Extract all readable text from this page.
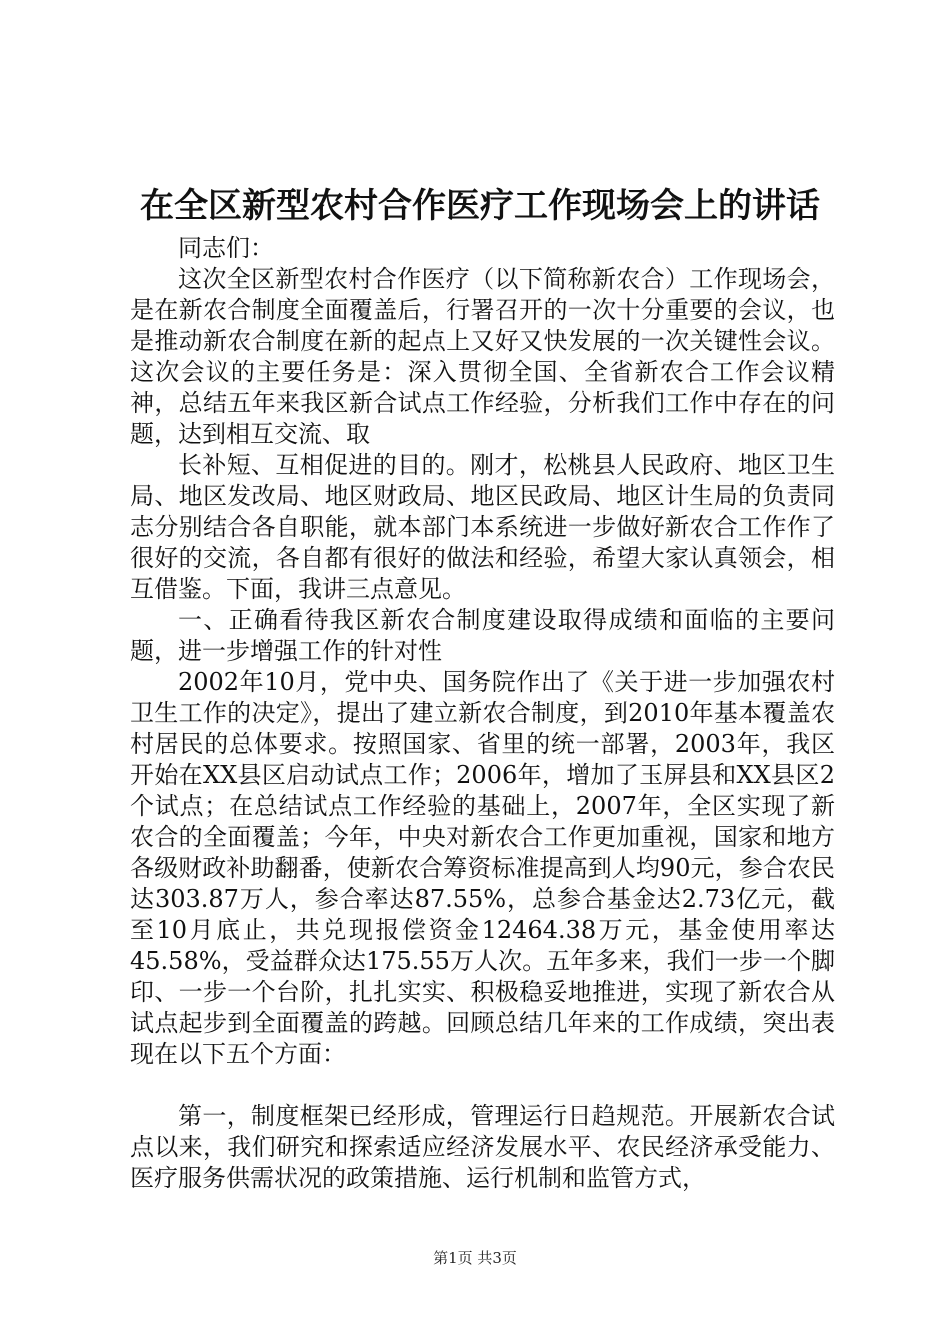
在全区新型农村合作医疗工作现场会上的讲话

同志们：

这次全区新型农村合作医疗（以下简称新农合）工作现场会，是在新农合制度全面覆盖后，行署召开的一次十分重要的会议，也是推动新农合制度在新的起点上又好又快发展的一次关键性会议。这次会议的主要任务是：深入贯彻全国、全省新农合工作会议精神，总结五年来我区新合试点工作经验，分析我们工作中存在的问题，达到相互交流、取

长补短、互相促进的目的。刚才，松桃县人民政府、地区卫生局、地区发改局、地区财政局、地区民政局、地区计生局的负责同志分别结合各自职能，就本部门本系统进一步做好新农合工作作了很好的交流，各自都有很好的做法和经验，希望大家认真领会，相互借鉴。下面，我讲三点意见。

一、正确看待我区新农合制度建设取得成绩和面临的主要问题，进一步增强工作的针对性

2002年10月，党中央、国务院作出了《关于进一步加强农村卫生工作的决定》，提出了建立新农合制度，到2010年基本覆盖农村居民的总体要求。按照国家、省里的统一部署，2003年，我区开始在XX县区启动试点工作；2006年，增加了玉屏县和XX县区2个试点；在总结试点工作经验的基础上，2007年，全区实现了新农合的全面覆盖；今年，中央对新农合工作更加重视，国家和地方各级财政补助翻番，使新农合筹资标准提高到人均90元，参合农民达303.87万人，参合率达87.55%，总参合基金达2.73亿元，截至10月底止，共兑现报偿资金12464.38万元，基金使用率达45.58%，受益群众达175.55万人次。五年多来，我们一步一个脚印、一步一个台阶，扎扎实实、积极稳妥地推进，实现了新农合从试点起步到全面覆盖的跨越。回顾总结几年来的工作成绩，突出表现在以下五个方面：

第一，制度框架已经形成，管理运行日趋规范。开展新农合试点以来，我们研究和探索适应经济发展水平、农民经济承受能力、医疗服务供需状况的政策措施、运行机制和监管方式，

第1页 共3页
